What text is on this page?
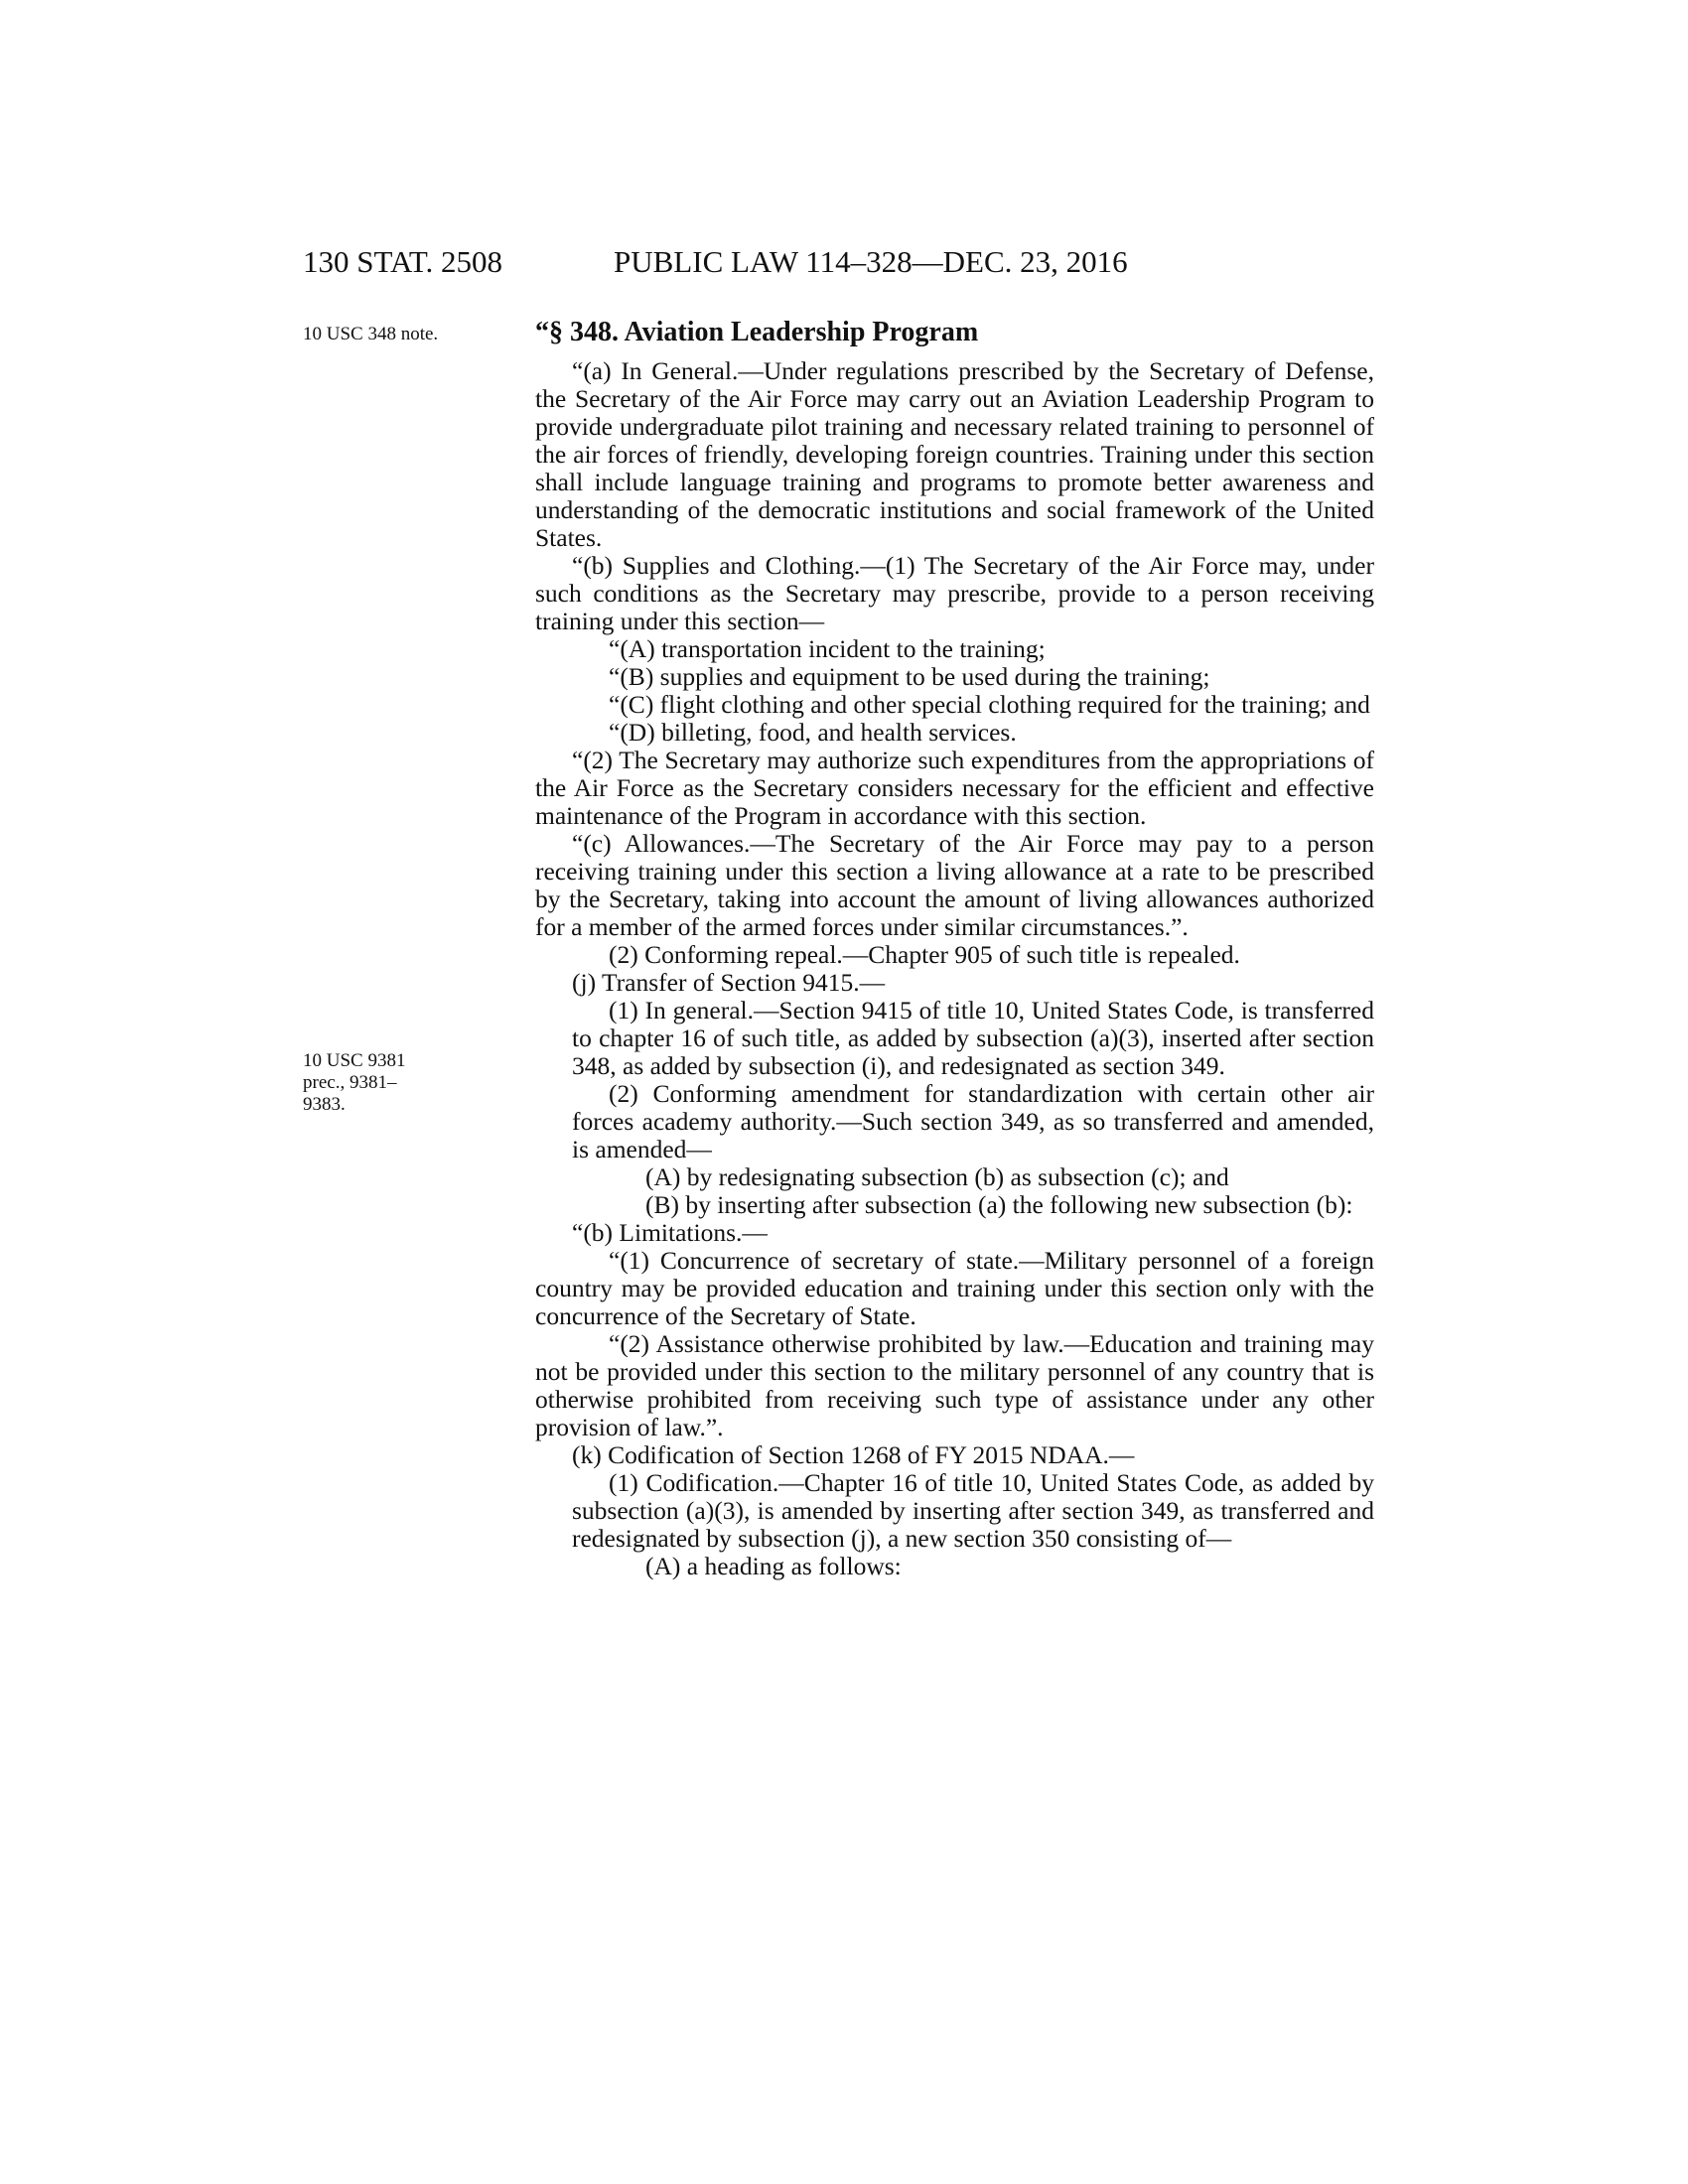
130 STAT. 2508	PUBLIC LAW 114–328—DEC. 23, 2016
10 USC 348 note.
10 USC 9381 prec., 9381–9383.
“§ 348. Aviation Leadership Program

“(a) In General.—Under regulations prescribed by the Secretary of Defense, the Secretary of the Air Force may carry out an Aviation Leadership Program to provide undergraduate pilot training and necessary related training to personnel of the air forces of friendly, developing foreign countries. Training under this section shall include language training and programs to promote better awareness and understanding of the democratic institutions and social framework of the United States.

“(b) Supplies and Clothing.—(1) The Secretary of the Air Force may, under such conditions as the Secretary may prescribe, provide to a person receiving training under this section—

“(A) transportation incident to the training;

“(B) supplies and equipment to be used during the training;

“(C) flight clothing and other special clothing required for the training; and

“(D) billeting, food, and health services.

“(2) The Secretary may authorize such expenditures from the appropriations of the Air Force as the Secretary considers necessary for the efficient and effective maintenance of the Program in accordance with this section.

“(c) Allowances.—The Secretary of the Air Force may pay to a person receiving training under this section a living allowance at a rate to be prescribed by the Secretary, taking into account the amount of living allowances authorized for a member of the armed forces under similar circumstances.”.

(2) Conforming repeal.—Chapter 905 of such title is repealed.

(j) Transfer of Section 9415.—

(1) In general.—Section 9415 of title 10, United States Code, is transferred to chapter 16 of such title, as added by subsection (a)(3), inserted after section 348, as added by subsection (i), and redesignated as section 349.

(2) Conforming amendment for standardization with certain other air forces academy authority.—Such section 349, as so transferred and amended, is amended—

(A) by redesignating subsection (b) as subsection (c); and

(B) by inserting after subsection (a) the following new subsection (b):

“(b) Limitations.—

“(1) Concurrence of secretary of state.—Military personnel of a foreign country may be provided education and training under this section only with the concurrence of the Secretary of State.

“(2) Assistance otherwise prohibited by law.—Education and training may not be provided under this section to the military personnel of any country that is otherwise prohibited from receiving such type of assistance under any other provision of law.”.

(k) Codification of Section 1268 of FY 2015 NDAA.—

(1) Codification.—Chapter 16 of title 10, United States Code, as added by subsection (a)(3), is amended by inserting after section 349, as transferred and redesignated by subsection (j), a new section 350 consisting of—

(A) a heading as follows:
